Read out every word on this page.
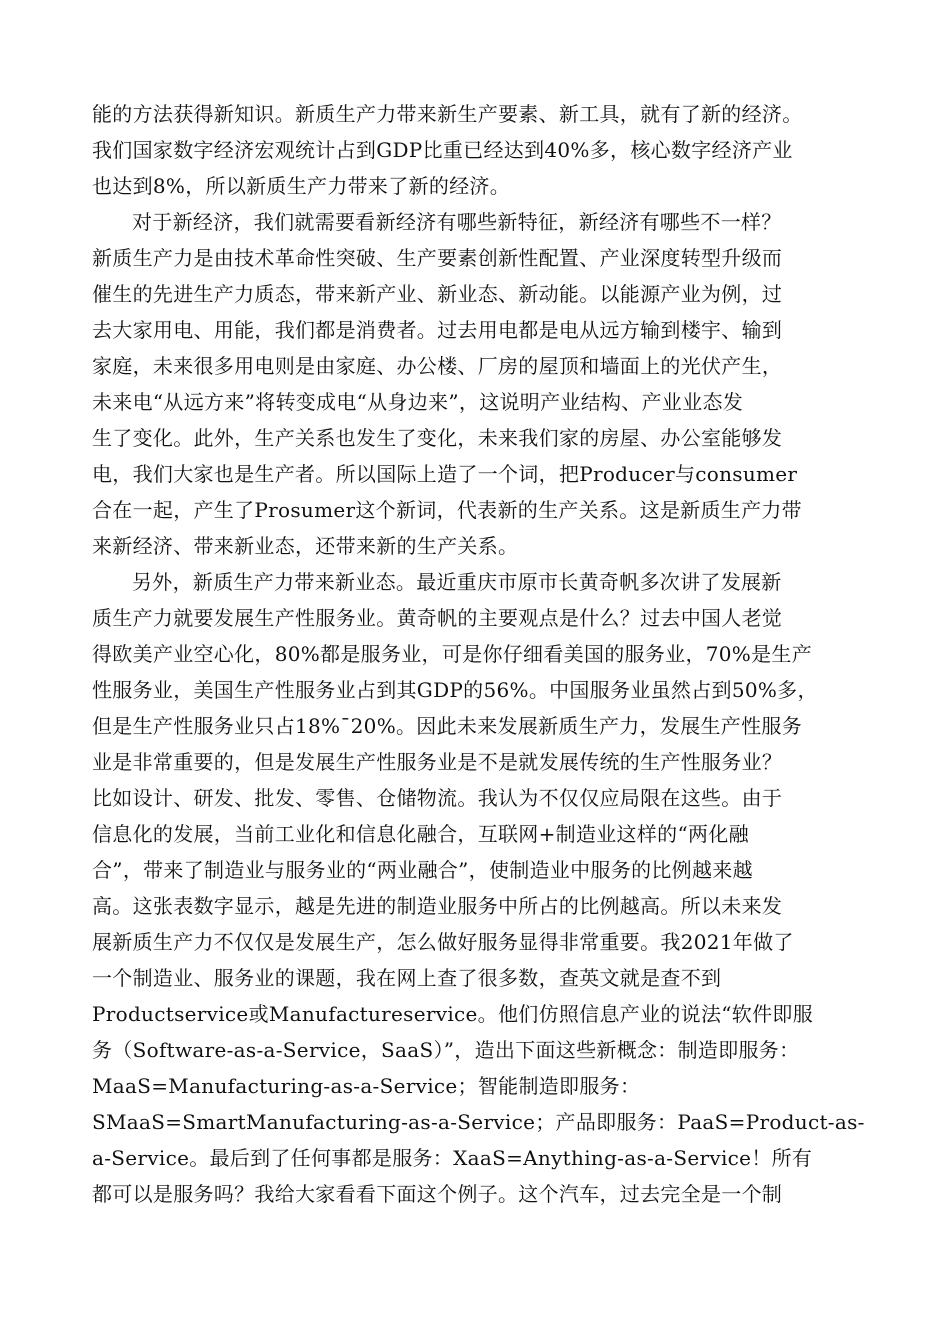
能的方法获得新知识。新质生产力带来新生产要素、新工具，就有了新的经济。
我们国家数字经济宏观统计占到GDP比重已经达到40%多，核心数字经济产业
也达到8%，所以新质生产力带来了新的经济。
对于新经济，我们就需要看新经济有哪些新特征，新经济有哪些不一样？
新质生产力是由技术革命性突破、生产要素创新性配置、产业深度转型升级而
催生的先进生产力质态，带来新产业、新业态、新动能。以能源产业为例，过
去大家用电、用能，我们都是消费者。过去用电都是电从远方输到楼宇、输到
家庭，未来很多用电则是由家庭、办公楼、厂房的屋顶和墙面上的光伏产生，
未来电“从远方来”将转变成电“从身边来”，这说明产业结构、产业业态发
生了变化。此外，生产关系也发生了变化，未来我们家的房屋、办公室能够发
电，我们大家也是生产者。所以国际上造了一个词，把Producer与consumer
合在一起，产生了Prosumer这个新词，代表新的生产关系。这是新质生产力带
来新经济、带来新业态，还带来新的生产关系。
另外，新质生产力带来新业态。最近重庆市原市长黄奇帆多次讲了发展新
质生产力就要发展生产性服务业。黄奇帆的主要观点是什么？过去中国人老觉
得欧美产业空心化，80%都是服务业，可是你仔细看美国的服务业，70%是生产
性服务业，美国生产性服务业占到其GDP的56%。中国服务业虽然占到50%多，
但是生产性服务业只占18%¯20%。因此未来发展新质生产力，发展生产性服务
业是非常重要的，但是发展生产性服务业是不是就发展传统的生产性服务业？
比如设计、研发、批发、零售、仓储物流。我认为不仅仅应局限在这些。由于
信息化的发展，当前工业化和信息化融合，互联网+制造业这样的“两化融
合”，带来了制造业与服务业的“两业融合”，使制造业中服务的比例越来越
高。这张表数字显示，越是先进的制造业服务中所占的比例越高。所以未来发
展新质生产力不仅仅是发展生产，怎么做好服务显得非常重要。我2021年做了
一个制造业、服务业的课题，我在网上查了很多数，查英文就是查不到
Productservice或Manufactureservice。他们仿照信息产业的说法“软件即服
务（Software-as-a-Service，SaaS）”，造出下面这些新概念：制造即服务：
MaaS=Manufacturing-as-a-Service；智能制造即服务：
SMaaS=SmartManufacturing-as-a-Service；产品即服务：PaaS=Product-as-
a-Service。最后到了任何事都是服务：XaaS=Anything-as-a-Service！所有
都可以是服务吗？我给大家看看下面这个例子。这个汽车，过去完全是一个制
